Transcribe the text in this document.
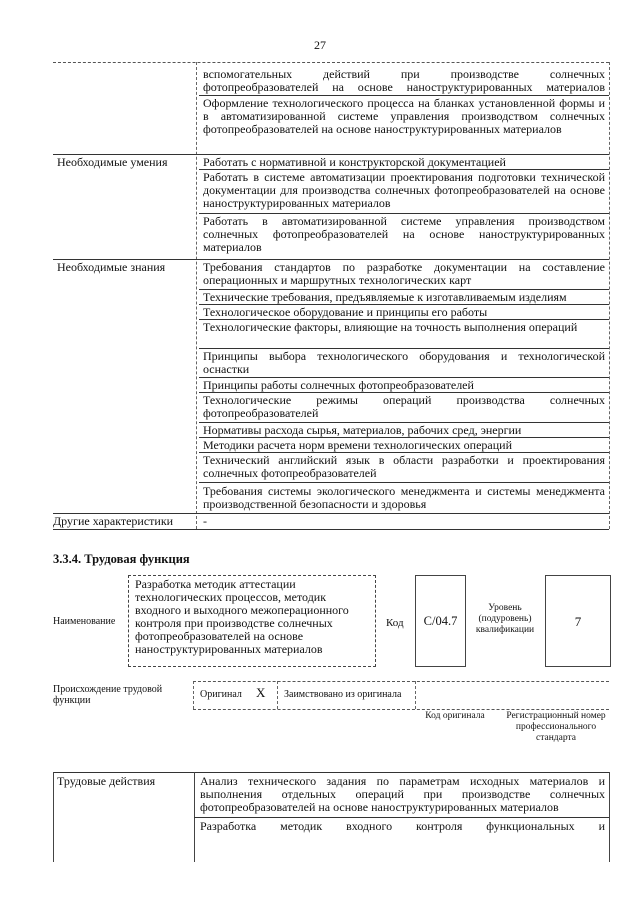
27
вспомогательных действий при производстве солнечных фотопреобразователей на основе наноструктурированных материалов
Оформление технологического процесса на бланках установленной формы и в автоматизированной системе управления производством солнечных фотопреобразователей на основе наноструктурированных материалов
Необходимые умения	Работать с нормативной и конструкторской документацией
Работать в системе автоматизации проектирования подготовки технической документации для производства солнечных фотопреобразователей на основе наноструктурированных материалов
Работать в автоматизированной системе управления производством солнечных фотопреобразователей на основе наноструктурированных материалов
Необходимые знания	Требования стандартов по разработке документации на составление операционных и маршрутных технологических карт
Технические требования, предъявляемые к изготавливаемым изделиям
Технологическое оборудование и принципы его работы
Технологические факторы, влияющие на точность выполнения операций
Принципы выбора технологического оборудования и технологической оснастки
Принципы работы солнечных фотопреобразователей
Технологические режимы операций производства солнечных фотопреобразователей
Нормативы расхода сырья, материалов, рабочих сред, энергии
Методики расчета норм времени технологических операций
Технический английский язык в области разработки и проектирования солнечных фотопреобразователей
Требования системы экологического менеджмента и системы менеджмента производственной безопасности и здоровья
Другие характеристики -
3.3.4. Трудовая функция
Наименование
Разработка методик аттестации технологических процессов, методик входного и выходного межоперационного контроля при производстве солнечных фотопреобразователей на основе наноструктурированных материалов
Код	С/04.7
Уровень (подуровень) квалификации
7
Происхождение трудовой функции
Оригинал X Заимствовано из оригинала
Код оригинала	Регистрационный номер профессионального стандарта
Трудовые действия	Анализ технического задания по параметрам исходных материалов и выполнения отдельных операций при производстве солнечных фотопреобразователей на основе наноструктурированных материалов
Разработка методик входного контроля функциональных и
